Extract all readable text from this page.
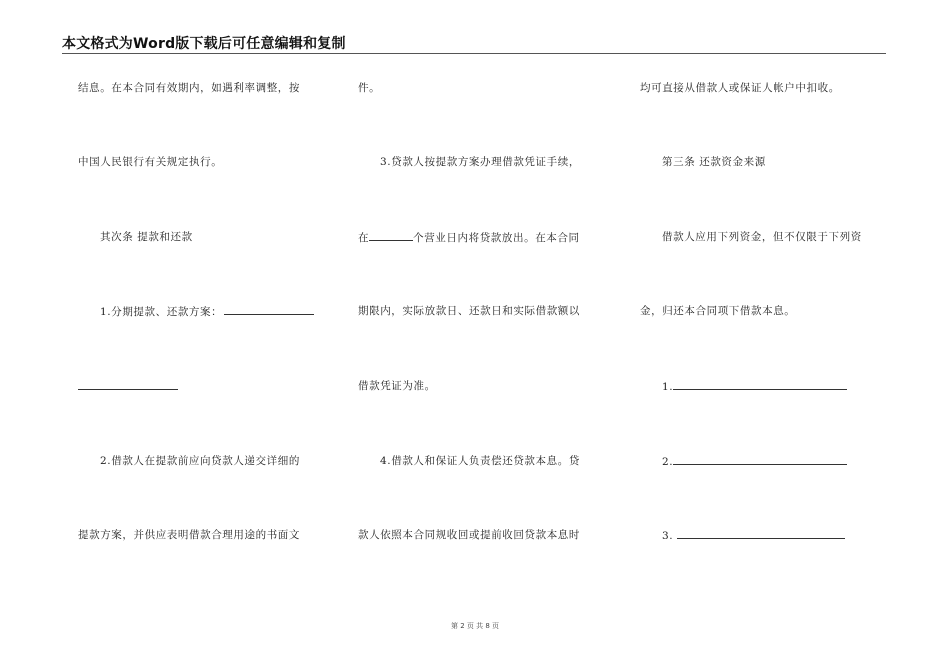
本文格式为Word版下载后可任意编辑和复制
结息。在本合同有效期内，如遇利率调整，按
中国人民银行有关规定执行。
其次条 提款和还款
1.分期提款、还款方案：
2.借款人在提款前应向贷款人递交详细的
提款方案，并供应表明借款合理用途的书面文
件。
3.贷款人按提款方案办理借款凭证手续，
在	个营业日内将贷款放出。在本合同
期限内，实际放款日、还款日和实际借款额以
借款凭证为准。
4.借款人和保证人负责偿还贷款本息。贷
款人依照本合同规收回或提前收回贷款本息时
均可直接从借款人或保证人帐户中扣收。
第三条 还款资金来源
借款人应用下列资金，但不仅限于下列资
金，归还本合同项下借款本息。
1.
2.
3.
第 2 页 共 8 页
